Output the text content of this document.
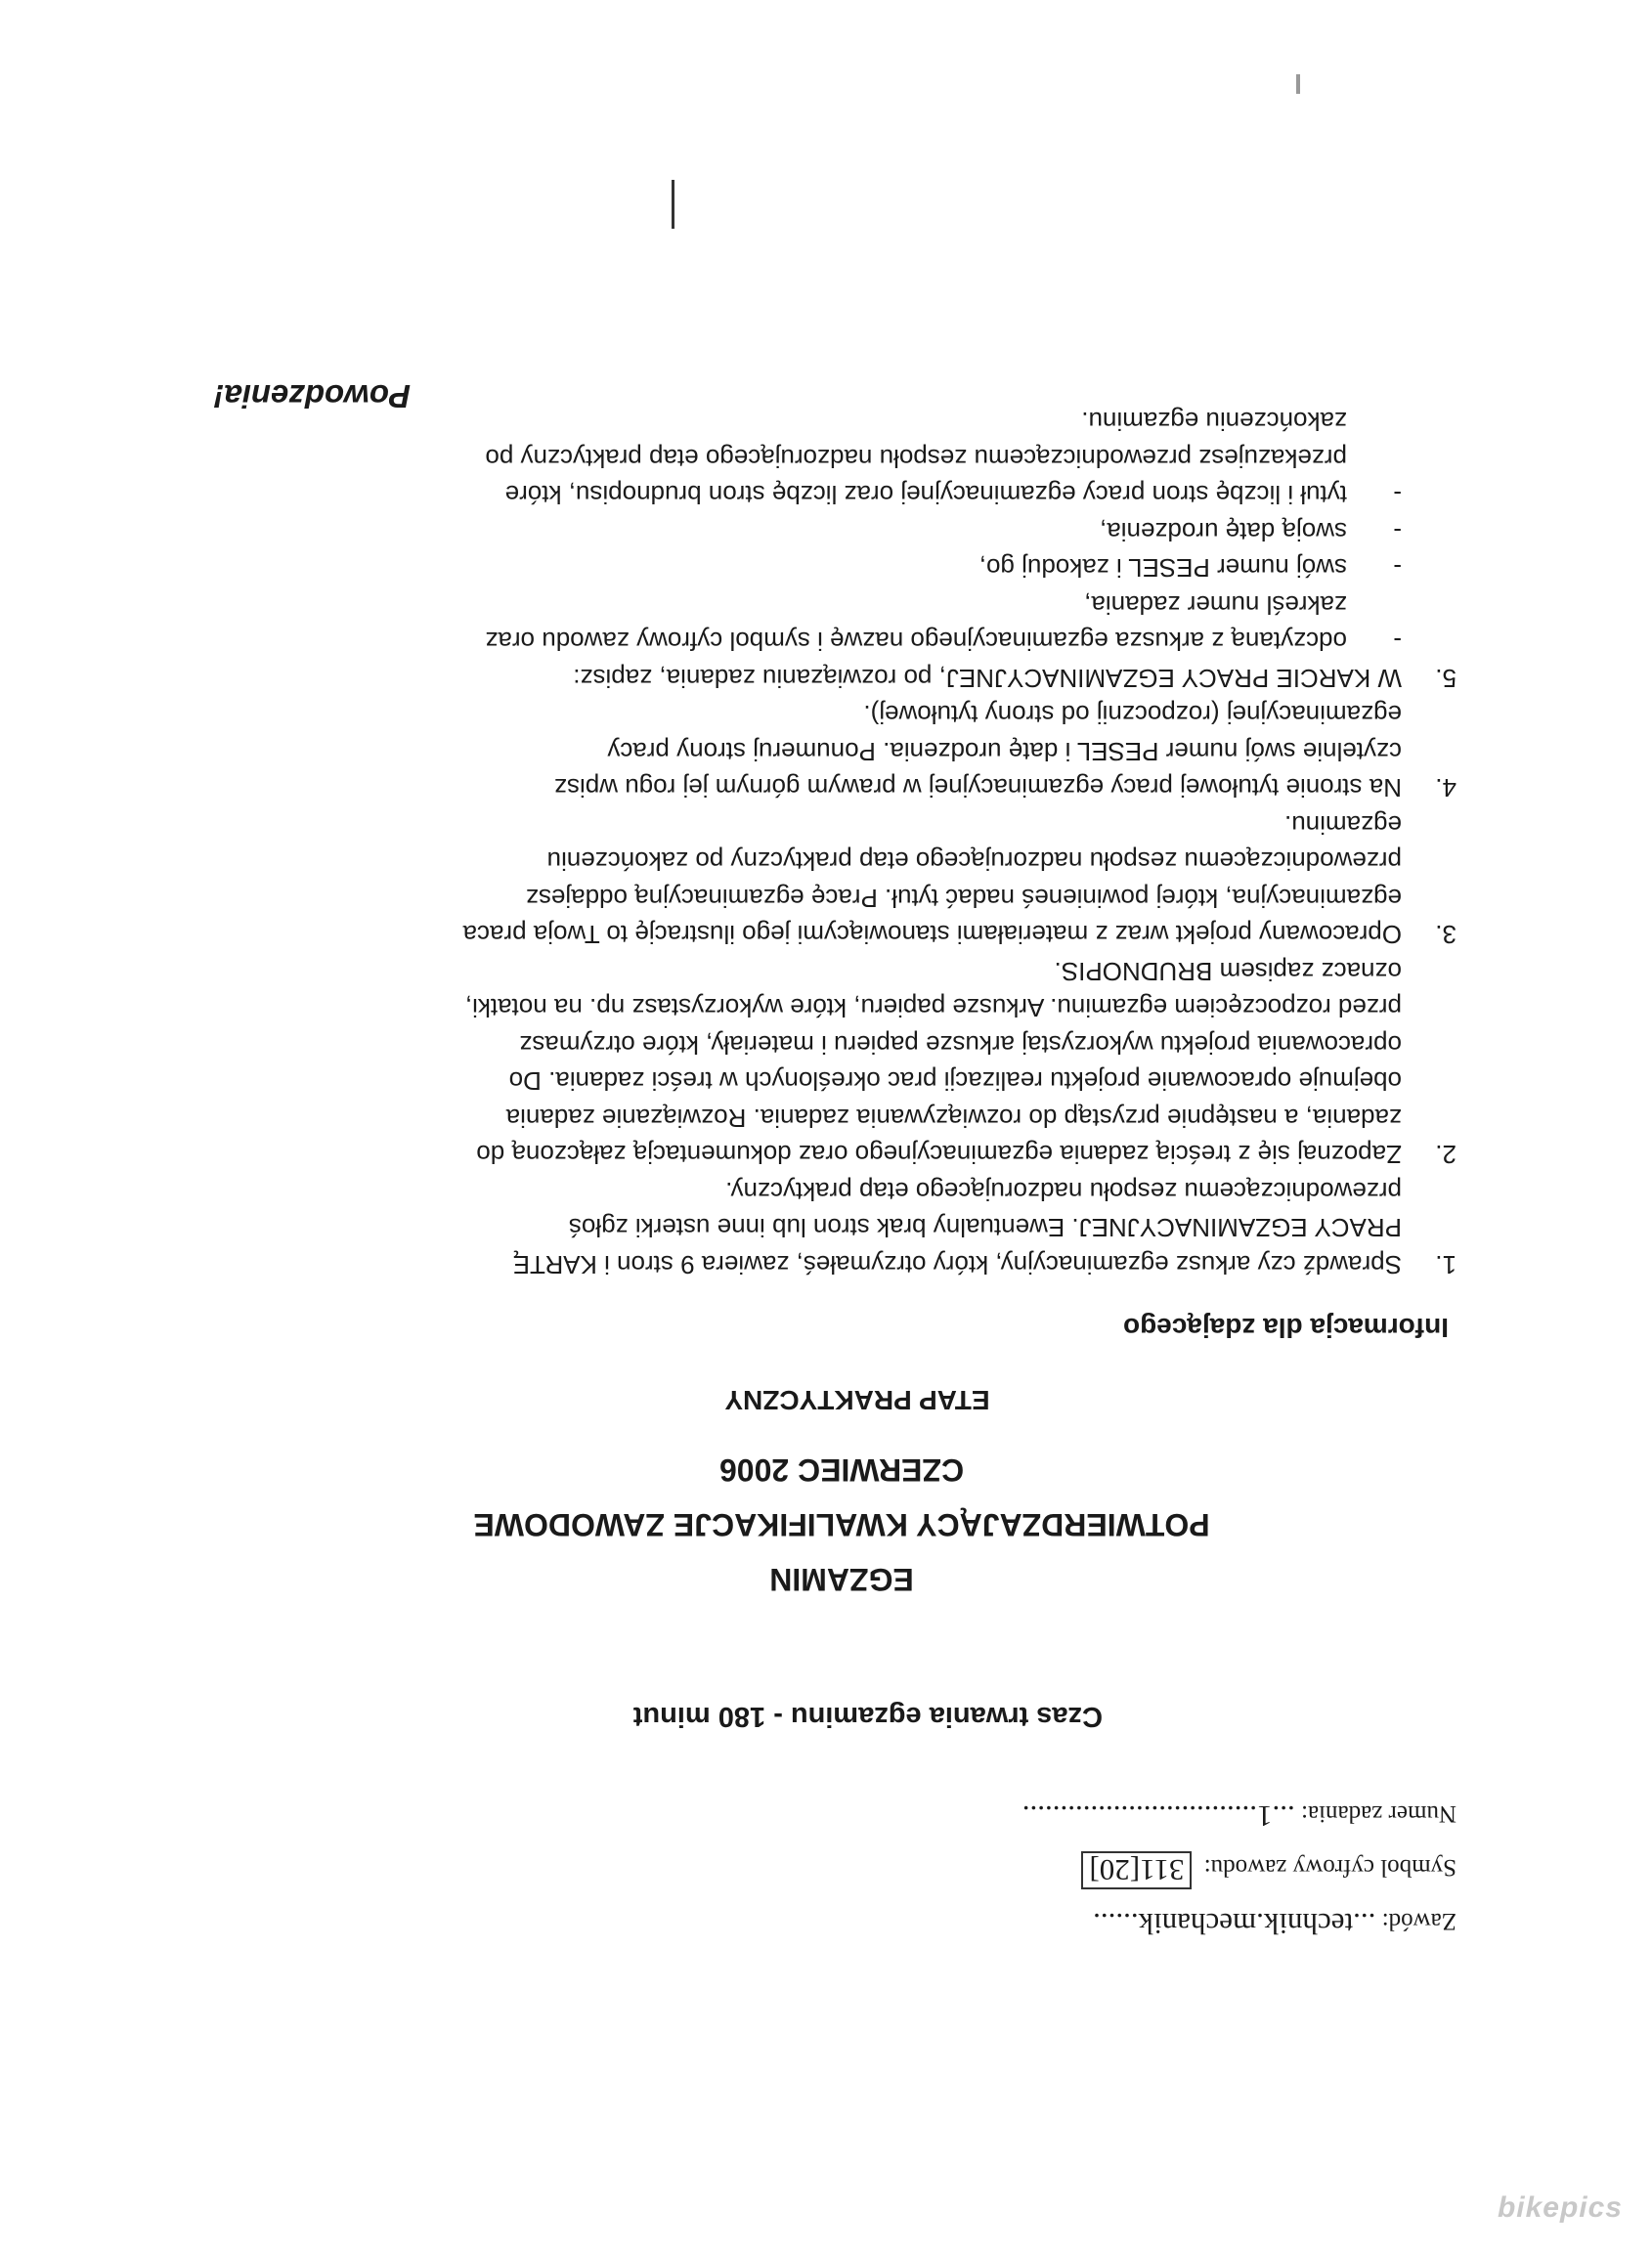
Zawód: ...technik.mechanik......
Symbol cyfrowy zawodu: 311[20]
Numer zadania: ...1...............................
Czas trwania egzaminu - 180 minut
EGZAMIN
POTWIERDZAJĄCY KWALIFIKACJE ZAWODOWE
CZERWIEC 2006
ETAP PRAKTYCZNY
Informacja dla zdającego
1.
Sprawdź czy arkusz egzaminacyjny, który otrzymałeś, zawiera 9 stron i KARTĘ
PRACY EGZAMINACYJNEJ. Ewentualny brak stron lub inne usterki zgłoś
przewodniczącemu zespołu nadzorującego etap praktyczny.
2.
Zapoznaj się z treścią zadania egzaminacyjnego oraz dokumentacją załączoną do
zadania, a następnie przystąp do rozwiązywania zadania. Rozwiązanie zadania
obejmuje opracowanie projektu realizacji prac określonych w treści zadania. Do
opracowania projektu wykorzystaj arkusze papieru i materiały, które otrzymasz
przed rozpoczęciem egzaminu. Arkusze papieru, które wykorzystasz np. na notatki,
oznacz zapisem BRUDNOPIS.
3.
Opracowany projekt wraz z materiałami stanowiącymi jego ilustrację to Twoja praca
egzaminacyjna, której powinieneś nadać tytuł. Pracę egzaminacyjną oddajesz
przewodniczącemu zespołu nadzorującego etap praktyczny po zakończeniu
egzaminu.
4.
Na stronie tytułowej pracy egzaminacyjnej w prawym górnym jej rogu wpisz
czytelnie swój numer PESEL i datę urodzenia. Ponumeruj strony pracy
egzaminacyjnej (rozpocznij od strony tytułowej).
5.
W KARCIE PRACY EGZAMINACYJNEJ, po rozwiązaniu zadania, zapisz:
- odczytaną z arkusza egzaminacyjnego nazwę i symbol cyfrowy zawodu oraz
zakreśl numer zadania,
- swój numer PESEL i zakoduj go,
- swoją datę urodzenia,
- tytuł i liczbę stron pracy egzaminacyjnej oraz liczbę stron brudnopisu, które
przekazujesz przewodniczącemu zespołu nadzorującego etap praktyczny po
zakończeniu egzaminu.
Powodzenia!
bikepics
